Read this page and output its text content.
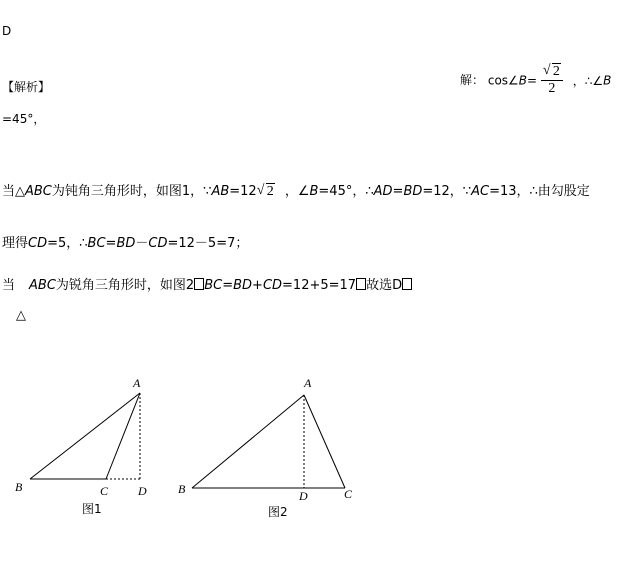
D
【解析】	解： cos∠B= $\frac{√ 2}{2}$ ，∴∠B
=45°，
当△ABC为钝角三角形时，如图1，∵AB=12 √ 2 ，∠B=45°，∴AD=BD=12，∵AC=13，∴由勾股定
理得CD=5，∴BC=BD－CD=12－5=7；
当 ABC为锐角三角形时，如图2 BC=BD+CD=12+5=17 故选D
△
A
B	C D
图1
A
B	D	C
图2
